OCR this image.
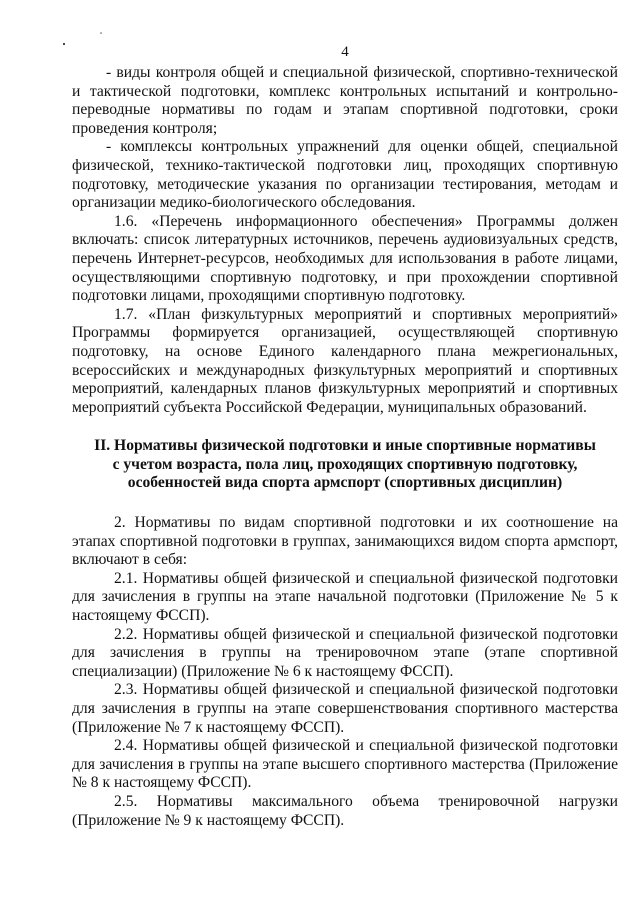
4

- виды контроля общей и специальной физической, спортивно-технической и тактической подготовки, комплекс контрольных испытаний и контрольно-переводные нормативы по годам и этапам спортивной подготовки, сроки проведения контроля;

- комплексы контрольных упражнений для оценки общей, специальной физической, технико-тактической подготовки лиц, проходящих спортивную подготовку, методические указания по организации тестирования, методам и организации медико-биологического обследования.

1.6. «Перечень информационного обеспечения» Программы должен включать: список литературных источников, перечень аудиовизуальных средств, перечень Интернет-ресурсов, необходимых для использования в работе лицами, осуществляющими спортивную подготовку, и при прохождении спортивной подготовки лицами, проходящими спортивную подготовку.

1.7. «План физкультурных мероприятий и спортивных мероприятий» Программы формируется организацией, осуществляющей спортивную подготовку, на основе Единого календарного плана межрегиональных, всероссийских и международных физкультурных мероприятий и спортивных мероприятий, календарных планов физкультурных мероприятий и спортивных мероприятий субъекта Российской Федерации, муниципальных образований.

II. Нормативы физической подготовки и иные спортивные нормативы
с учетом возраста, пола лиц, проходящих спортивную подготовку,
особенностей вида спорта армспорт (спортивных дисциплин)

2. Нормативы по видам спортивной подготовки и их соотношение на этапах спортивной подготовки в группах, занимающихся видом спорта армспорт, включают в себя:

2.1. Нормативы общей физической и специальной физической подготовки для зачисления в группы на этапе начальной подготовки (Приложение № 5 к настоящему ФССП).

2.2. Нормативы общей физической и специальной физической подготовки для зачисления в группы на тренировочном этапе (этапе спортивной специализации) (Приложение № 6 к настоящему ФССП).

2.3. Нормативы общей физической и специальной физической подготовки для зачисления в группы на этапе совершенствования спортивного мастерства (Приложение № 7 к настоящему ФССП).

2.4. Нормативы общей физической и специальной физической подготовки для зачисления в группы на этапе высшего спортивного мастерства (Приложение № 8 к настоящему ФССП).

2.5. Нормативы максимального объема тренировочной нагрузки (Приложение № 9 к настоящему ФССП).
